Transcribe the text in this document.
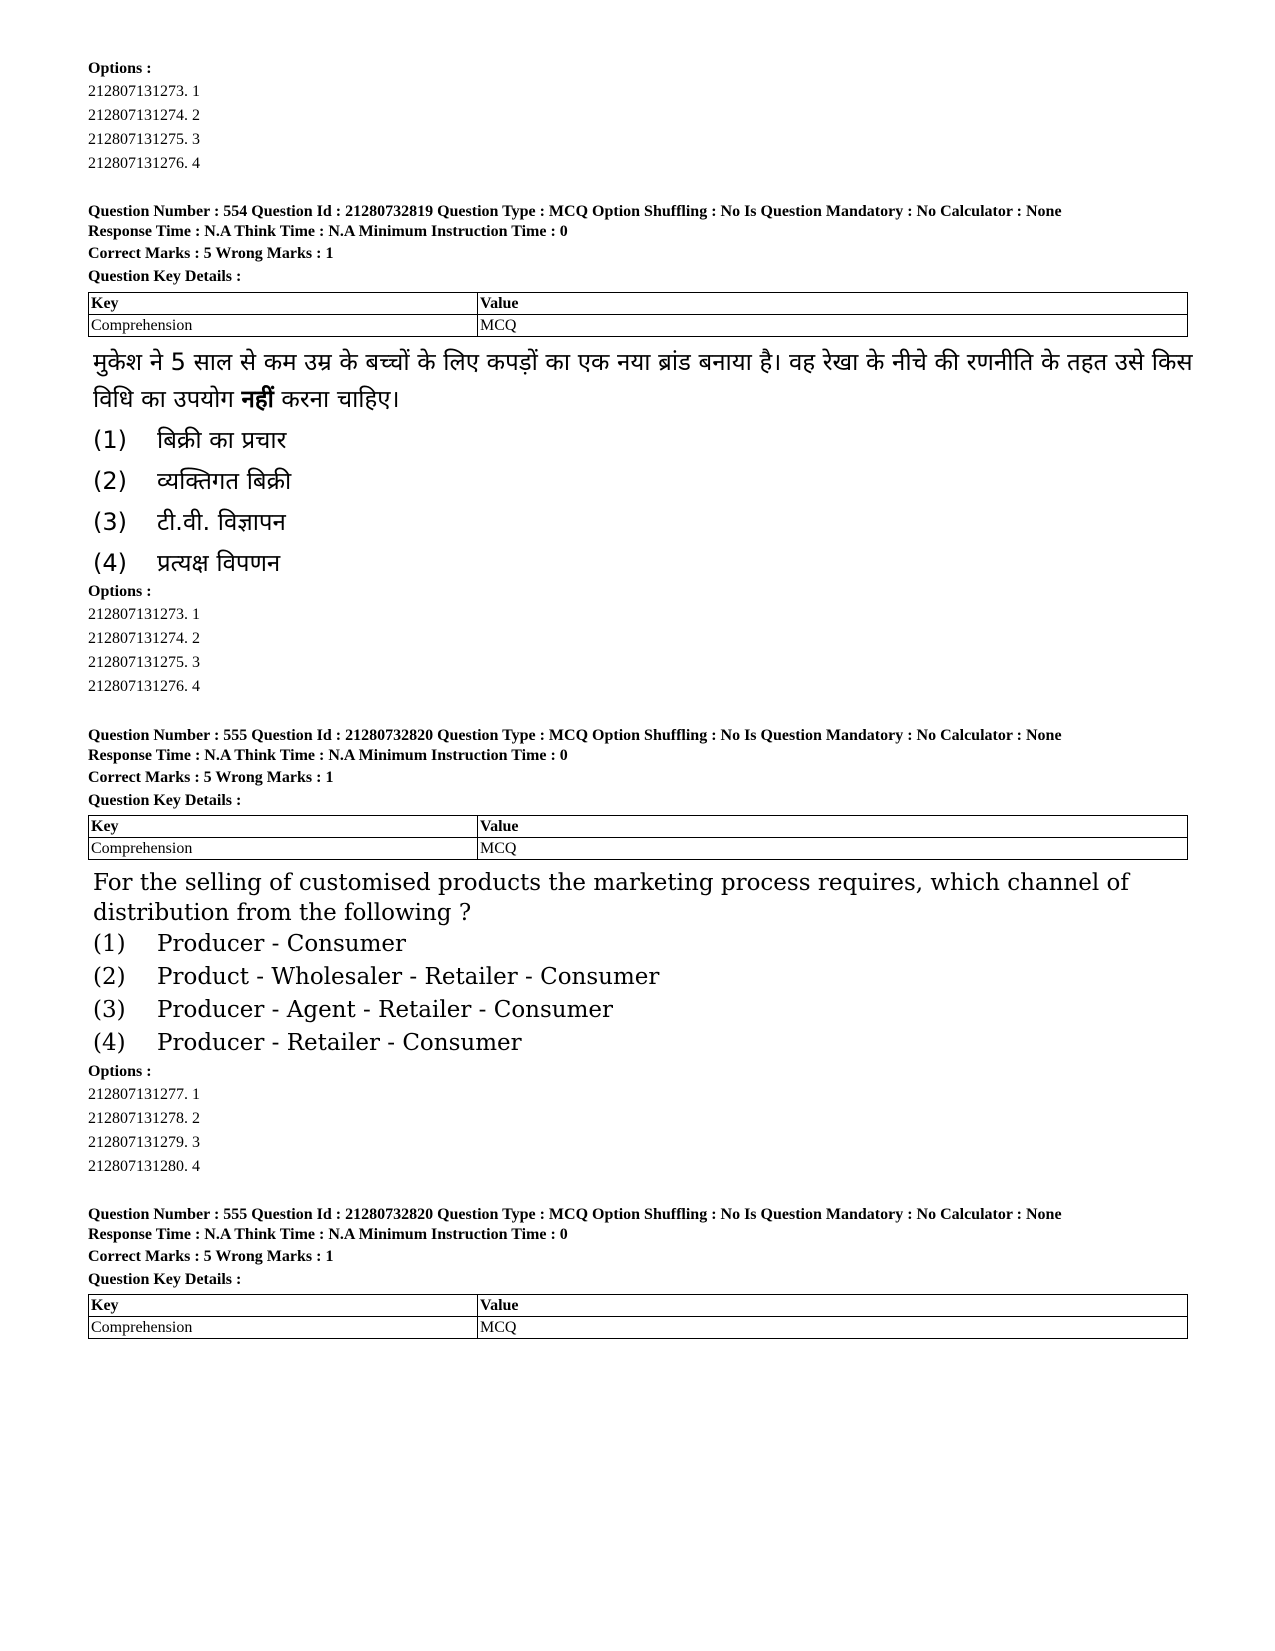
Options :
212807131273. 1
212807131274. 2
212807131275. 3
212807131276. 4
Question Number : 554 Question Id : 21280732819 Question Type : MCQ Option Shuffling : No Is Question Mandatory : No Calculator : None
Response Time : N.A Think Time : N.A Minimum Instruction Time : 0
Correct Marks : 5 Wrong Marks : 1
Question Key Details :
Key	Value
Comprehension	MCQ
मुकेश ने 5 साल से कम उम्र के बच्चों के लिए कपड़ों का एक नया ब्रांड बनाया है। वह रेखा के नीचे की रणनीति के तहत उसे किस विधि का उपयोग नहीं करना चाहिए।
(1)	बिक्री का प्रचार
(2)	व्यक्तिगत बिक्री
(3)	टी.वी. विज्ञापन
(4)	प्रत्यक्ष विपणन
Options :
212807131273. 1
212807131274. 2
212807131275. 3
212807131276. 4
Question Number : 555 Question Id : 21280732820 Question Type : MCQ Option Shuffling : No Is Question Mandatory : No Calculator : None
Response Time : N.A Think Time : N.A Minimum Instruction Time : 0
Correct Marks : 5 Wrong Marks : 1
Question Key Details :
Key	Value
Comprehension	MCQ
For the selling of customised products the marketing process requires, which channel of distribution from the following ?
(1)	Producer - Consumer
(2)	Product - Wholesaler - Retailer - Consumer
(3)	Producer - Agent - Retailer - Consumer
(4)	Producer - Retailer - Consumer
Options :
212807131277. 1
212807131278. 2
212807131279. 3
212807131280. 4
Question Number : 555 Question Id : 21280732820 Question Type : MCQ Option Shuffling : No Is Question Mandatory : No Calculator : None
Response Time : N.A Think Time : N.A Minimum Instruction Time : 0
Correct Marks : 5 Wrong Marks : 1
Question Key Details :
Key	Value
Comprehension	MCQ
